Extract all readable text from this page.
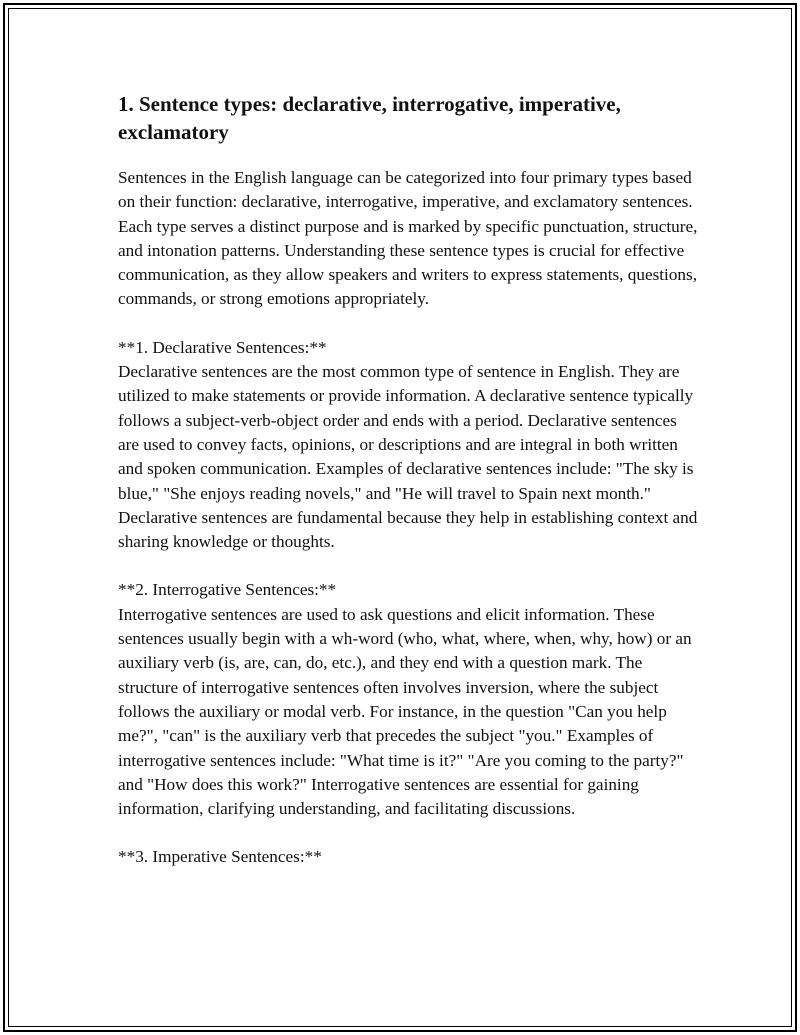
1. Sentence types: declarative, interrogative, imperative, exclamatory

Sentences in the English language can be categorized into four primary types based on their function: declarative, interrogative, imperative, and exclamatory sentences. Each type serves a distinct purpose and is marked by specific punctuation, structure, and intonation patterns. Understanding these sentence types is crucial for effective communication, as they allow speakers and writers to express statements, questions, commands, or strong emotions appropriately.

**1. Declarative Sentences:**
Declarative sentences are the most common type of sentence in English. They are utilized to make statements or provide information. A declarative sentence typically follows a subject-verb-object order and ends with a period. Declarative sentences are used to convey facts, opinions, or descriptions and are integral in both written and spoken communication. Examples of declarative sentences include: "The sky is blue," "She enjoys reading novels," and "He will travel to Spain next month." Declarative sentences are fundamental because they help in establishing context and sharing knowledge or thoughts.
**2. Interrogative Sentences:**
Interrogative sentences are used to ask questions and elicit information. These sentences usually begin with a wh-word (who, what, where, when, why, how) or an auxiliary verb (is, are, can, do, etc.), and they end with a question mark. The structure of interrogative sentences often involves inversion, where the subject follows the auxiliary or modal verb. For instance, in the question "Can you help me?", "can" is the auxiliary verb that precedes the subject "you." Examples of interrogative sentences include: "What time is it?" "Are you coming to the party?" and "How does this work?" Interrogative sentences are essential for gaining information, clarifying understanding, and facilitating discussions.
**3. Imperative Sentences:**
